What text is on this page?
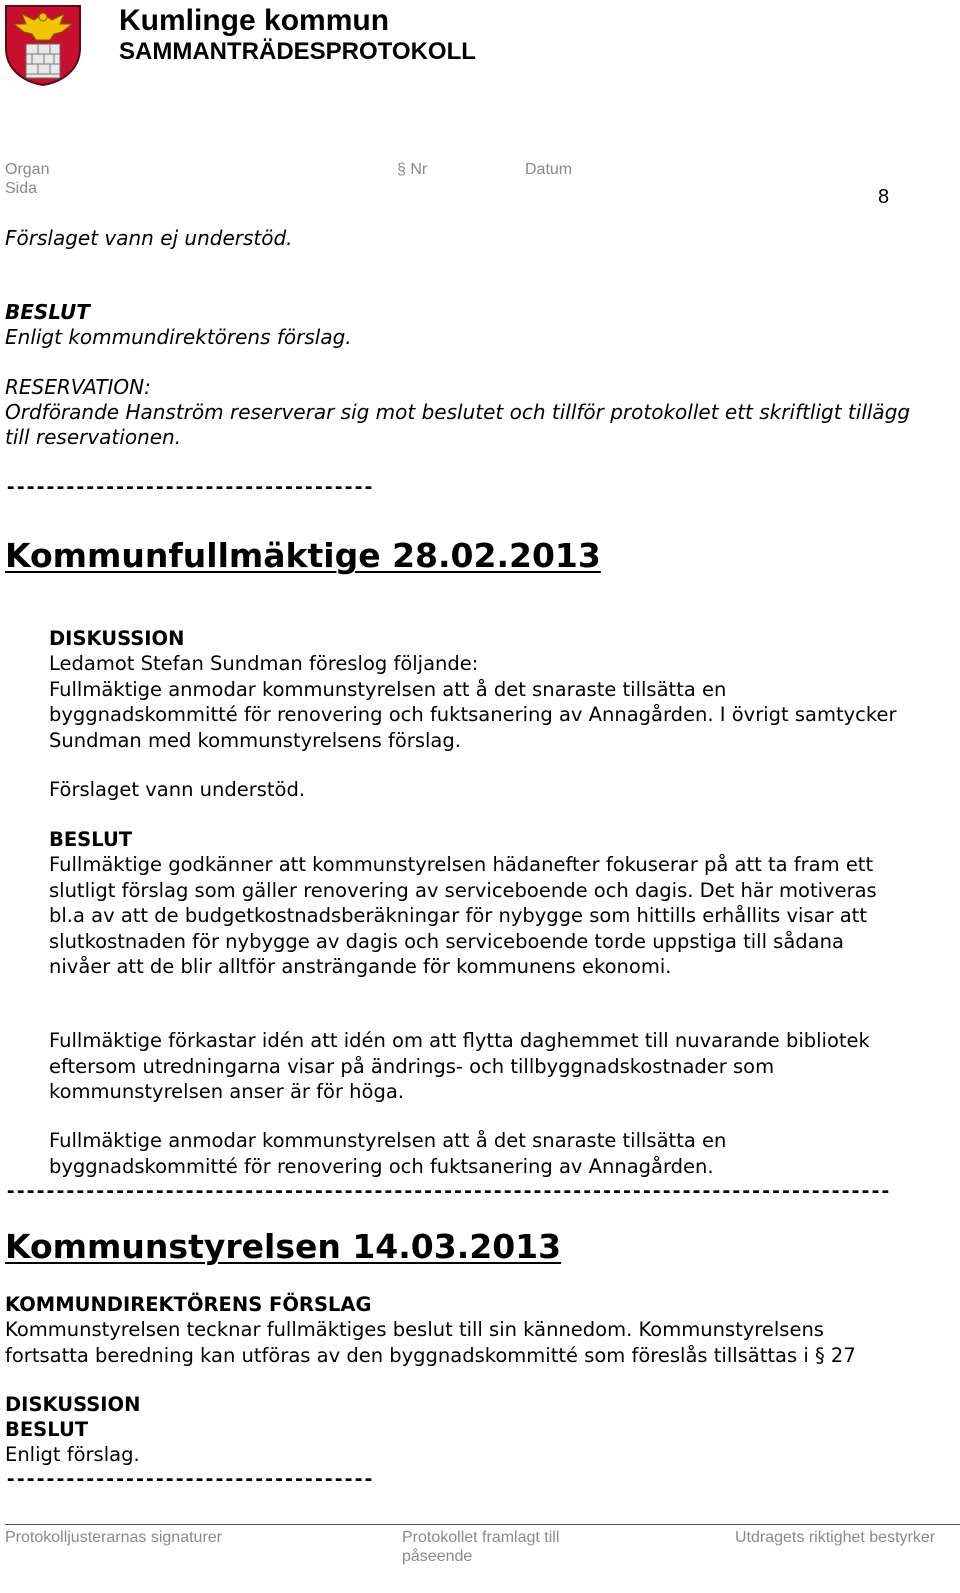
Kumlinge kommun
SAMMANTRÄDESPROTOKOLL
Organ
Sida
§ Nr	Datum
8
Förslaget vann ej understöd.
BESLUT
Enligt kommundirektörens förslag.
RESERVATION:
Ordförande Hanström reserverar sig mot beslutet och tillför protokollet ett skriftligt tillägg till reservationen.
-------------------------------------
Kommunfullmäktige 28.02.2013
DISKUSSION
Ledamot Stefan Sundman föreslog följande:
Fullmäktige anmodar kommunstyrelsen att å det snaraste tillsätta en byggnadskommitté för renovering och fuktsanering av Annagården. I övrigt samtycker Sundman med kommunstyrelsens förslag.
Förslaget vann understöd.
BESLUT
Fullmäktige godkänner att kommunstyrelsen hädanefter fokuserar på att ta fram ett slutligt förslag som gäller renovering av serviceboende och dagis. Det här motiveras bl.a av att de budgetkostnadsberäkningar för nybygge som hittills erhållits visar att slutkostnaden för nybygge av dagis och serviceboende torde uppstiga till sådana nivåer att de blir alltför ansträngande för kommunens ekonomi.
Fullmäktige förkastar idén att idén om att flytta daghemmet till nuvarande bibliotek eftersom utredningarna visar på ändrings- och tillbyggnadskostnader som kommunstyrelsen anser är för höga.
Fullmäktige anmodar kommunstyrelsen att å det snaraste tillsätta en byggnadskommitté för renovering och fuktsanering av Annagården.
-----------------------------------------------------------------------------------------
Kommunstyrelsen 14.03.2013
KOMMUNDIREKTÖRENS FÖRSLAG
Kommunstyrelsen tecknar fullmäktiges beslut till sin kännedom. Kommunstyrelsens fortsatta beredning kan utföras av den byggnadskommitté som föreslås tillsättas i § 27
DISKUSSION
BESLUT
Enligt förslag.
-------------------------------------
Protokolljusterarnas signaturer	Protokollet framlagt till påseende
Utdragets riktighet bestyrker
